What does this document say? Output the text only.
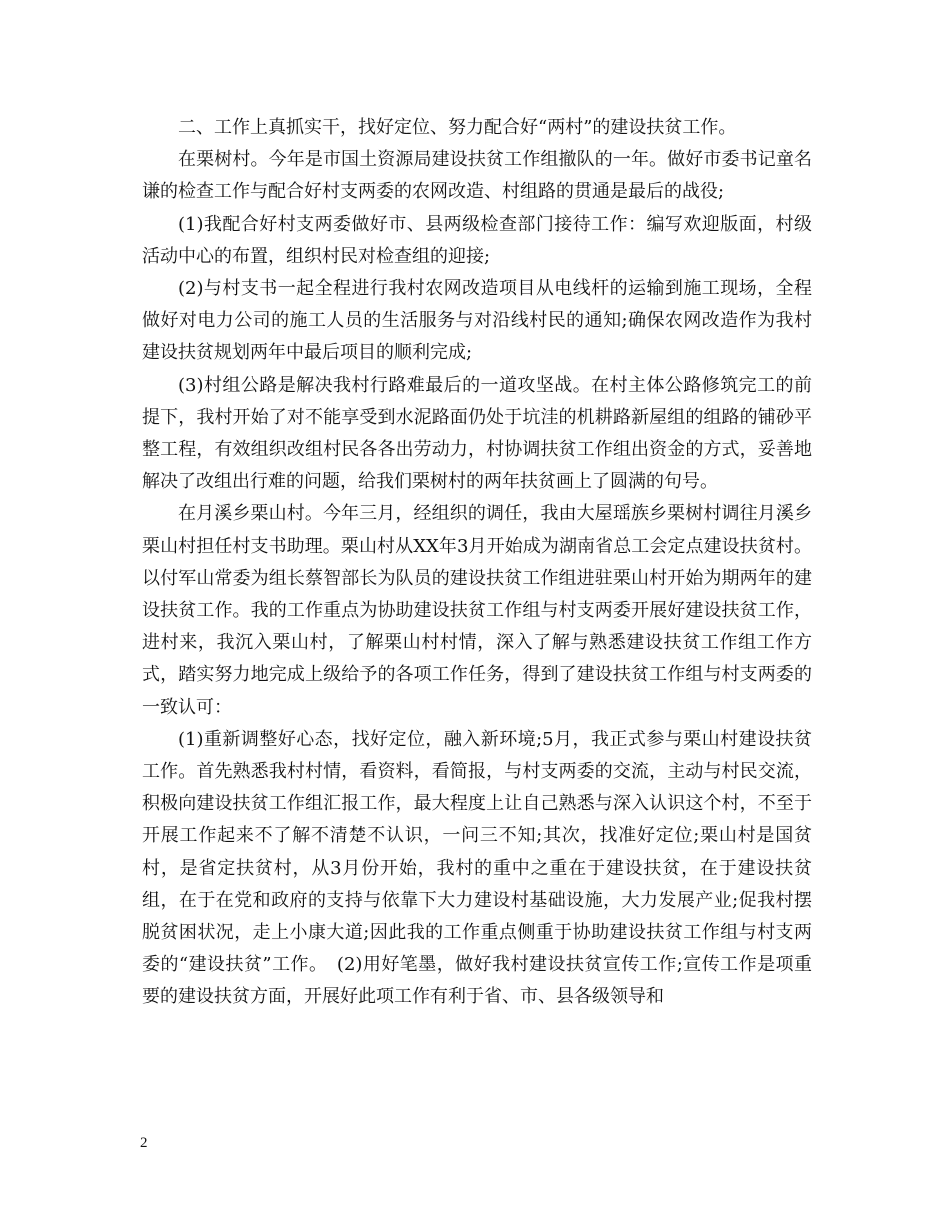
二、工作上真抓实干，找好定位、努力配合好“两村”的建设扶贫工作。

在栗树村。今年是市国土资源局建设扶贫工作组撤队的一年。做好市委书记童名谦的检查工作与配合好村支两委的农网改造、村组路的贯通是最后的战役;

(1)我配合好村支两委做好市、县两级检查部门接待工作：编写欢迎版面，村级活动中心的布置，组织村民对检查组的迎接;

(2)与村支书一起全程进行我村农网改造项目从电线杆的运输到施工现场，全程做好对电力公司的施工人员的生活服务与对沿线村民的通知;确保农网改造作为我村建设扶贫规划两年中最后项目的顺利完成;

(3)村组公路是解决我村行路难最后的一道攻坚战。在村主体公路修筑完工的前提下，我村开始了对不能享受到水泥路面仍处于坑洼的机耕路新屋组的组路的铺砂平整工程，有效组织改组村民各各出劳动力，村协调扶贫工作组出资金的方式，妥善地解决了改组出行难的问题，给我们栗树村的两年扶贫画上了圆满的句号。

在月溪乡栗山村。今年三月，经组织的调任，我由大屋瑶族乡栗树村调往月溪乡栗山村担任村支书助理。栗山村从XX年3月开始成为湖南省总工会定点建设扶贫村。以付军山常委为组长蔡智部长为队员的建设扶贫工作组进驻栗山村开始为期两年的建设扶贫工作。我的工作重点为协助建设扶贫工作组与村支两委开展好建设扶贫工作，进村来，我沉入栗山村，了解栗山村村情，深入了解与熟悉建设扶贫工作组工作方式，踏实努力地完成上级给予的各项工作任务，得到了建设扶贫工作组与村支两委的一致认可：

(1)重新调整好心态，找好定位，融入新环境;5月，我正式参与栗山村建设扶贫工作。首先熟悉我村村情，看资料，看简报，与村支两委的交流，主动与村民交流，积极向建设扶贫工作组汇报工作，最大程度上让自己熟悉与深入认识这个村，不至于开展工作起来不了解不清楚不认识，一问三不知;其次，找准好定位;栗山村是国贫村，是省定扶贫村，从3月份开始，我村的重中之重在于建设扶贫，在于建设扶贫组，在于在党和政府的支持与依靠下大力建设村基础设施，大力发展产业;促我村摆脱贫困状况，走上小康大道;因此我的工作重点侧重于协助建设扶贫工作组与村支两委的“建设扶贫”工作。　(2)用好笔墨，做好我村建设扶贫宣传工作;宣传工作是项重要的建设扶贫方面，开展好此项工作有利于省、市、县各级领导和

2
